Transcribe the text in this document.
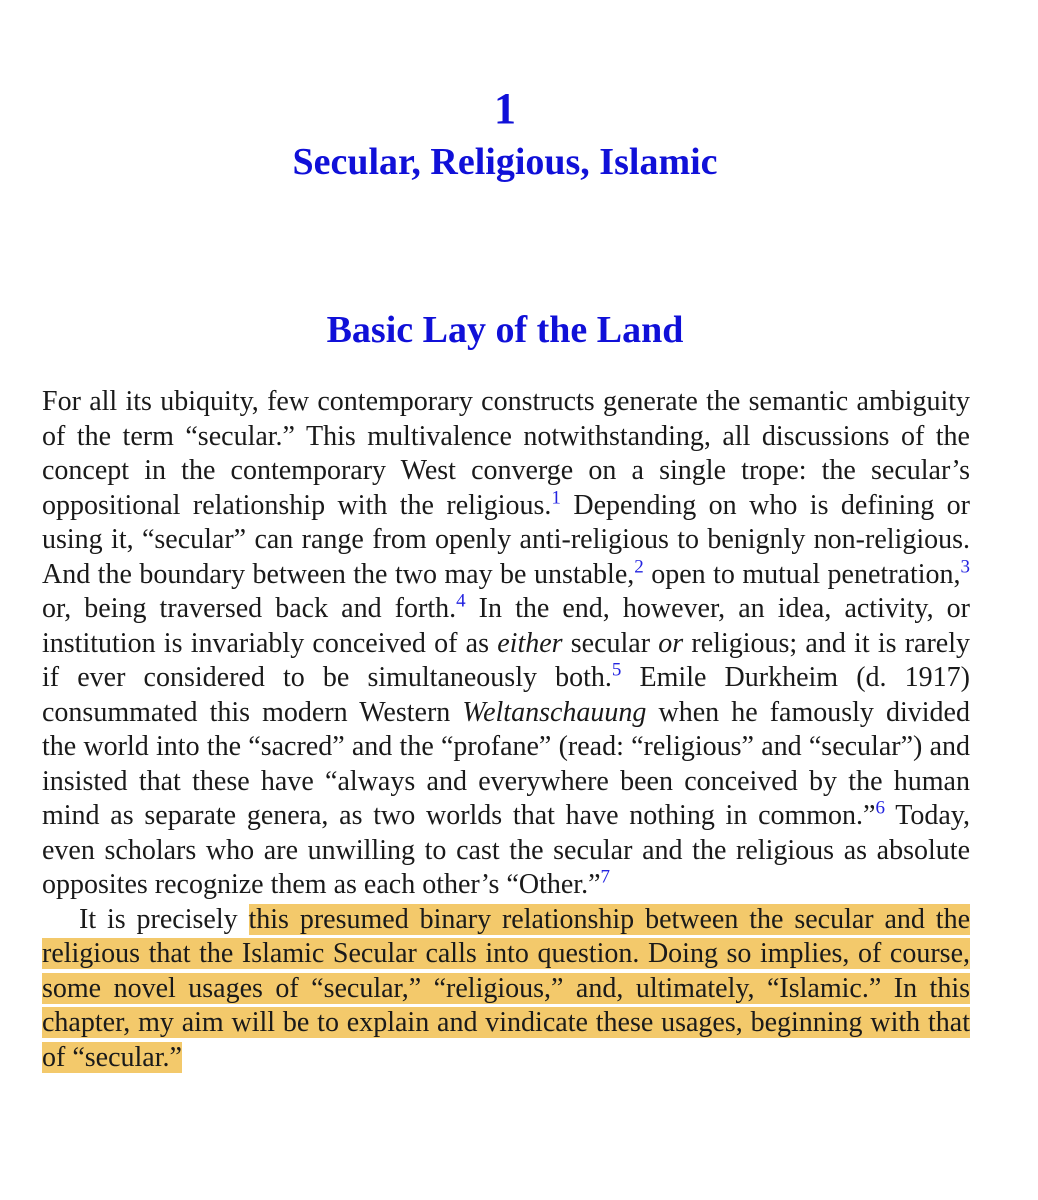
1
Secular, Religious, Islamic
Basic Lay of the Land

For all its ubiquity, few contemporary constructs generate the semantic ambiguity of the term “secular.” This multivalence notwithstanding, all discussions of the concept in the contemporary West converge on a single trope: the secular’s oppositional relationship with the religious.$^1$ Depending on who is defining or using it, “secular” can range from openly anti-religious to benignly non-religious. And the boundary between the two may be unstable,$^2$ open to mutual penetration,$^3$ or, being traversed back and forth.$^4$ In the end, however, an idea, activity, or institution is invariably conceived of as either secular or religious; and it is rarely if ever considered to be simultaneously both.$^5$ Emile Durkheim (d. 1917) consummated this modern Western Weltanschauung when he famously divided the world into the “sacred” and the “profane” (read: “religious” and “secular”) and insisted that these have “always and everywhere been conceived by the human mind as separate genera, as two worlds that have nothing in common.”$^6$ Today, even scholars who are unwilling to cast the secular and the religious as absolute opposites recognize them as each other’s “Other.”$^7$

It is precisely this presumed binary relationship between the secular and the religious that the Islamic Secular calls into question. Doing so implies, of course, some novel usages of “secular,” “religious,” and, ultimately, “Islamic.” In this chapter, my aim will be to explain and vindicate these usages, beginning with that of “secular.”
